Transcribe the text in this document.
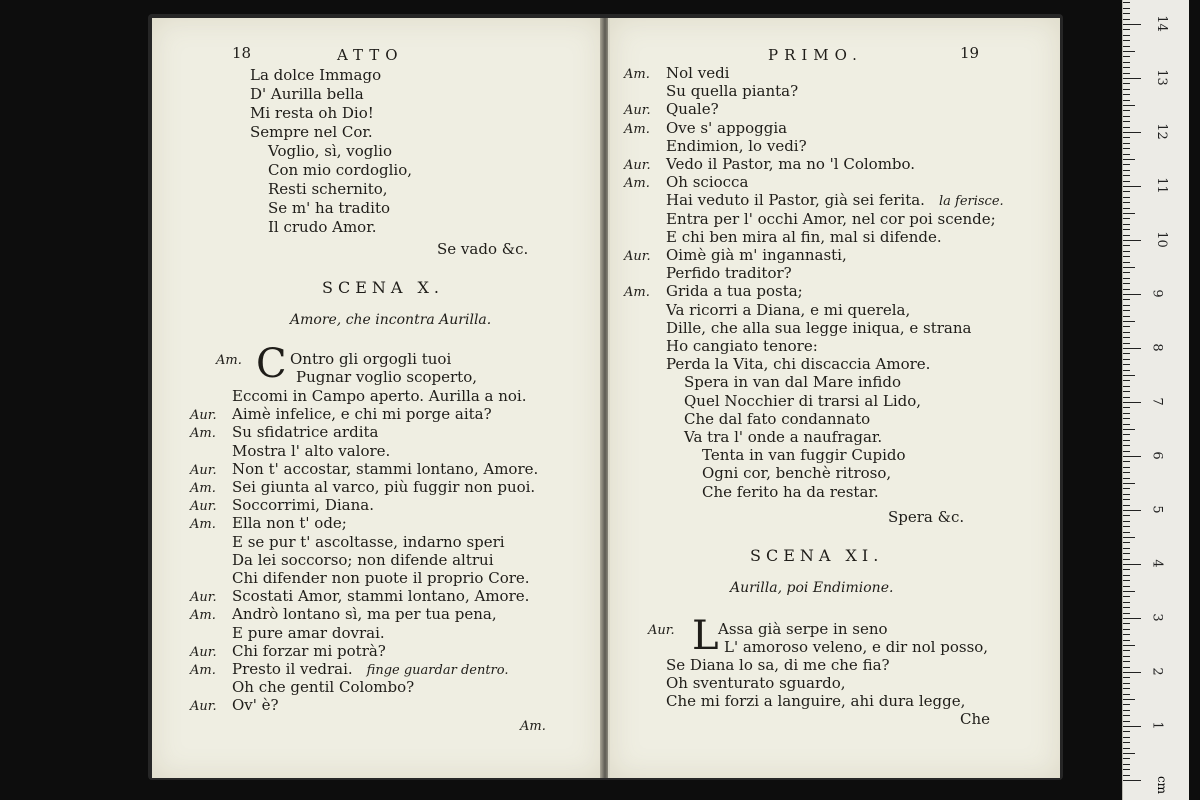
18	ATTO
La dolce Immago
D' Aurilla bella
Mi resta oh Dio!
Sempre nel Cor.
Voglio, sì, voglio
Con mio cordoglio,
Resti schernito,
Se m' ha tradito
Il crudo Amor.
Se vado &c.
SCENA X.
Amore, che incontra Aurilla.
Am. C Ontro gli orgogli tuoi
Pugnar voglio scoperto,
Eccomi in Campo aperto. Aurilla a noi.
Aur. Aimè infelice, e chi mi porge aita?
Am. Su sfidatrice ardita
Mostra l' alto valore.
Aur. Non t' accostar, stammi lontano, Amore.
Am. Sei giunta al varco, più fuggir non puoi.
Aur. Soccorrimi, Diana.
Am. Ella non t' ode;
E se pur t' ascoltasse, indarno speri
Da lei soccorso; non difende altrui
Chi difender non puote il proprio Core.
Aur. Scostati Amor, stammi lontano, Amore.
Am. Andrò lontano sì, ma per tua pena,
E pure amar dovrai.
Aur. Chi forzar mi potrà?
Am. Presto il vedrai. finge guardar dentro.
Oh che gentil Colombo?
Aur. Ov' è?
Am.
PRIMO.	19
Am. Nol vedi
Su quella pianta?
Aur. Quale?
Am. Ove s' appoggia
Endimion, lo vedi?
Aur. Vedo il Pastor, ma no 'l Colombo.
Am. Oh sciocca
Hai veduto il Pastor, già sei ferita. la ferisce.
Entra per l' occhi Amor, nel cor poi scende;
E chi ben mira al fin, mal si difende.
Aur. Oimè già m' ingannasti,
Perfido traditor?
Am. Grida a tua posta;
Va ricorri a Diana, e mi querela,
Dille, che alla sua legge iniqua, e strana
Ho cangiato tenore:
Perda la Vita, chi discaccia Amore.
Spera in van dal Mare infido
Quel Nocchier di trarsi al Lido,
Che dal fato condannato
Va tra l' onde a naufragar.
Tenta in van fuggir Cupido
Ogni cor, benchè ritroso,
Che ferito ha da restar.
Spera &c.
SCENA XI.
Aurilla, poi Endimione.
Aur. L Assa già serpe in seno
L' amoroso veleno, e dir nol posso,
Se Diana lo sa, di me che fia?
Oh sventurato sguardo,
Che mi forzi a languire, ahi dura legge,
Che
cm
14
13
12
11
10
9
8
7
6
5
4
3
2
1
